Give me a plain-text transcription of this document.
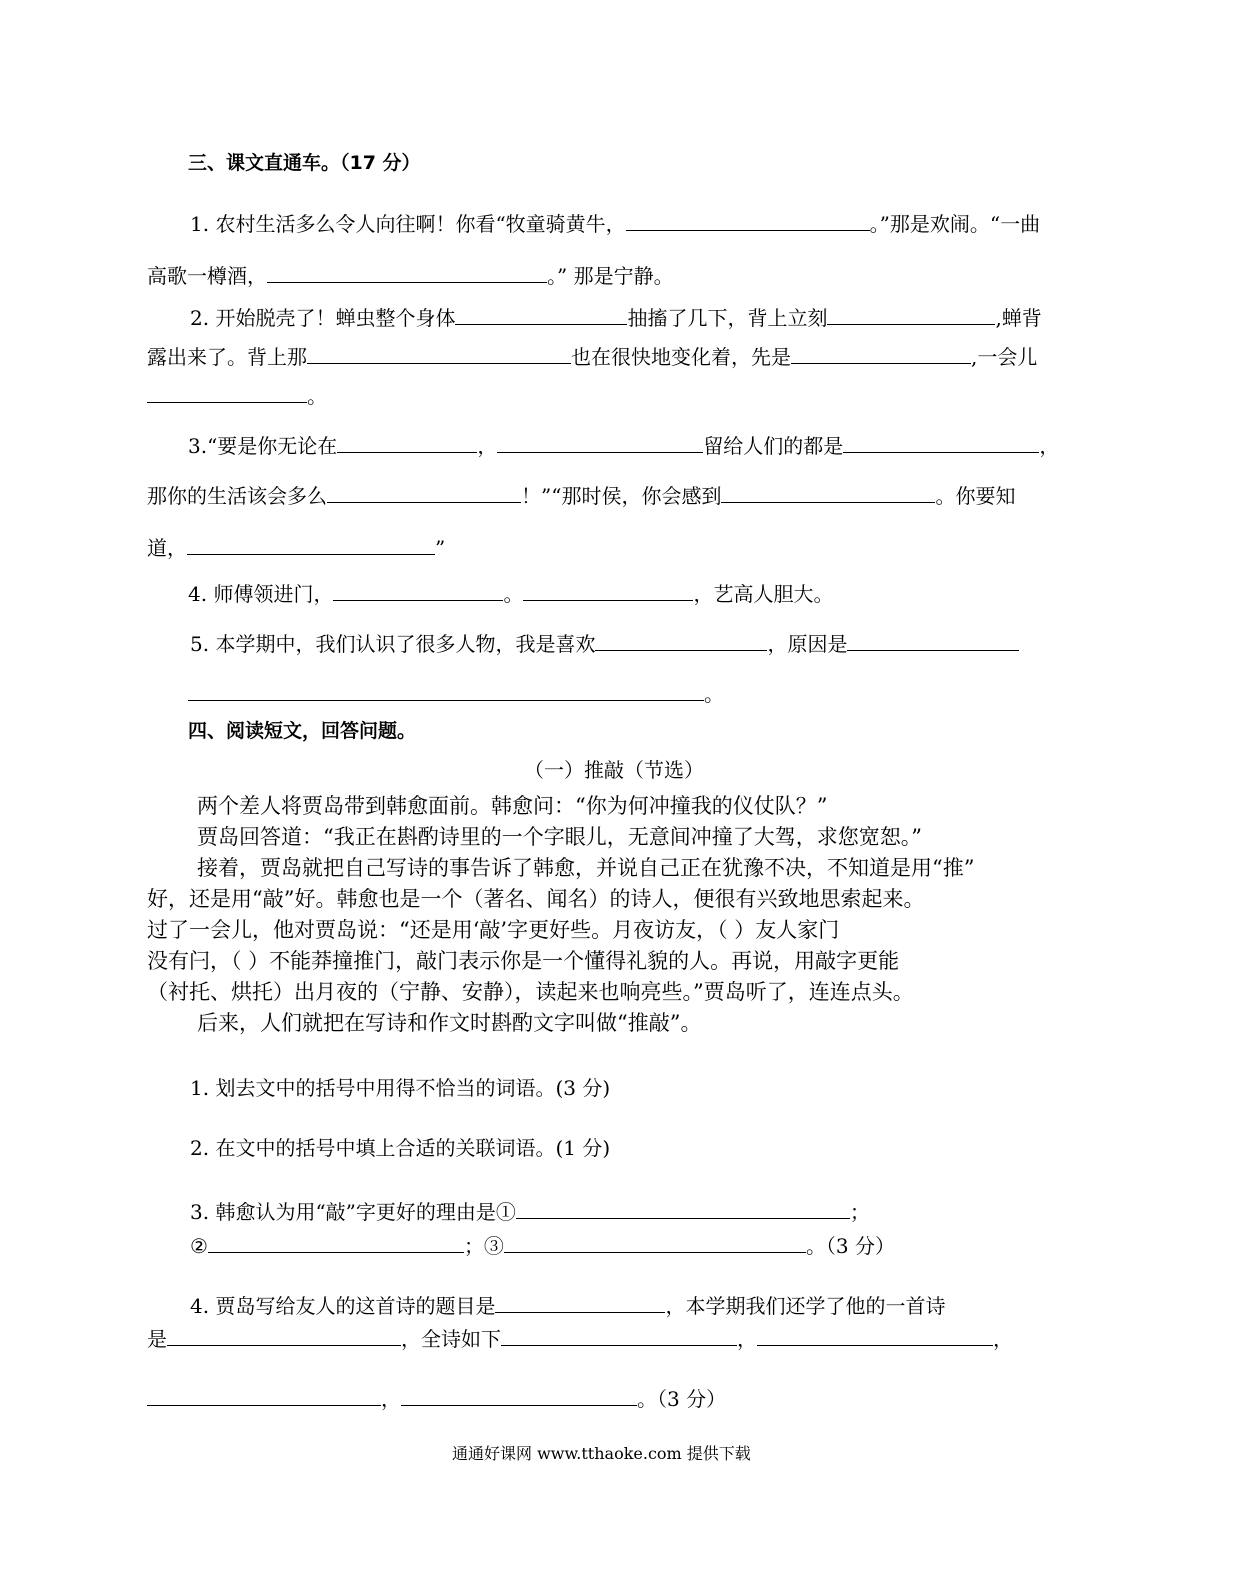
三、课文直通车。（17 分）
1. 农村生活多么令人向往啊！你看“牧童骑黄牛，	。”那是欢闹。“一曲
高歌一樽酒，	。” 那是宁静。
2. 开始脱壳了！蝉虫整个身体	抽搐了几下，背上立刻	,蝉背
露出来了。背上那	也在很快地变化着，先是	,一会儿
。
3.“要是你无论在	，	留给人们的都是	，
那你的生活该会多么	！”“那时侯，你会感到	。你要知
道，	”
4. 师傅领进门，	。	，艺高人胆大。
5. 本学期中，我们认识了很多人物，我是喜欢	，原因是
。
四、阅读短文，回答问题。
（一）推敲（节选）
两个差人将贾岛带到韩愈面前。韩愈问：“你为何冲撞我的仪仗队？”
贾岛回答道：“我正在斟酌诗里的一个字眼儿，无意间冲撞了大驾，求您宽恕。”
接着，贾岛就把自己写诗的事告诉了韩愈，并说自己正在犹豫不决，不知道是用“推”
好，还是用“敲”好。韩愈也是一个（著名、闻名）的诗人，便很有兴致地思索起来。
过了一会儿，他对贾岛说：“还是用‘敲’字更好些。月夜访友，（ ）友人家门
没有闩，（ ）不能莽撞推门，敲门表示你是一个懂得礼貌的人。再说，用敲字更能
（衬托、烘托）出月夜的（宁静、安静），读起来也响亮些。”贾岛听了，连连点头。
后来，人们就把在写诗和作文时斟酌文字叫做“推敲”。
1. 划去文中的括号中用得不恰当的词语。(3 分)
2. 在文中的括号中填上合适的关联词语。(1 分)
3. 韩愈认为用“敲”字更好的理由是①	；
②	；③	。（3 分）
4. 贾岛写给友人的这首诗的题目是	，本学期我们还学了他的一首诗
是	，全诗如下	，	，
，	。（3 分）
通通好课网 www.tthaoke.com 提供下载
